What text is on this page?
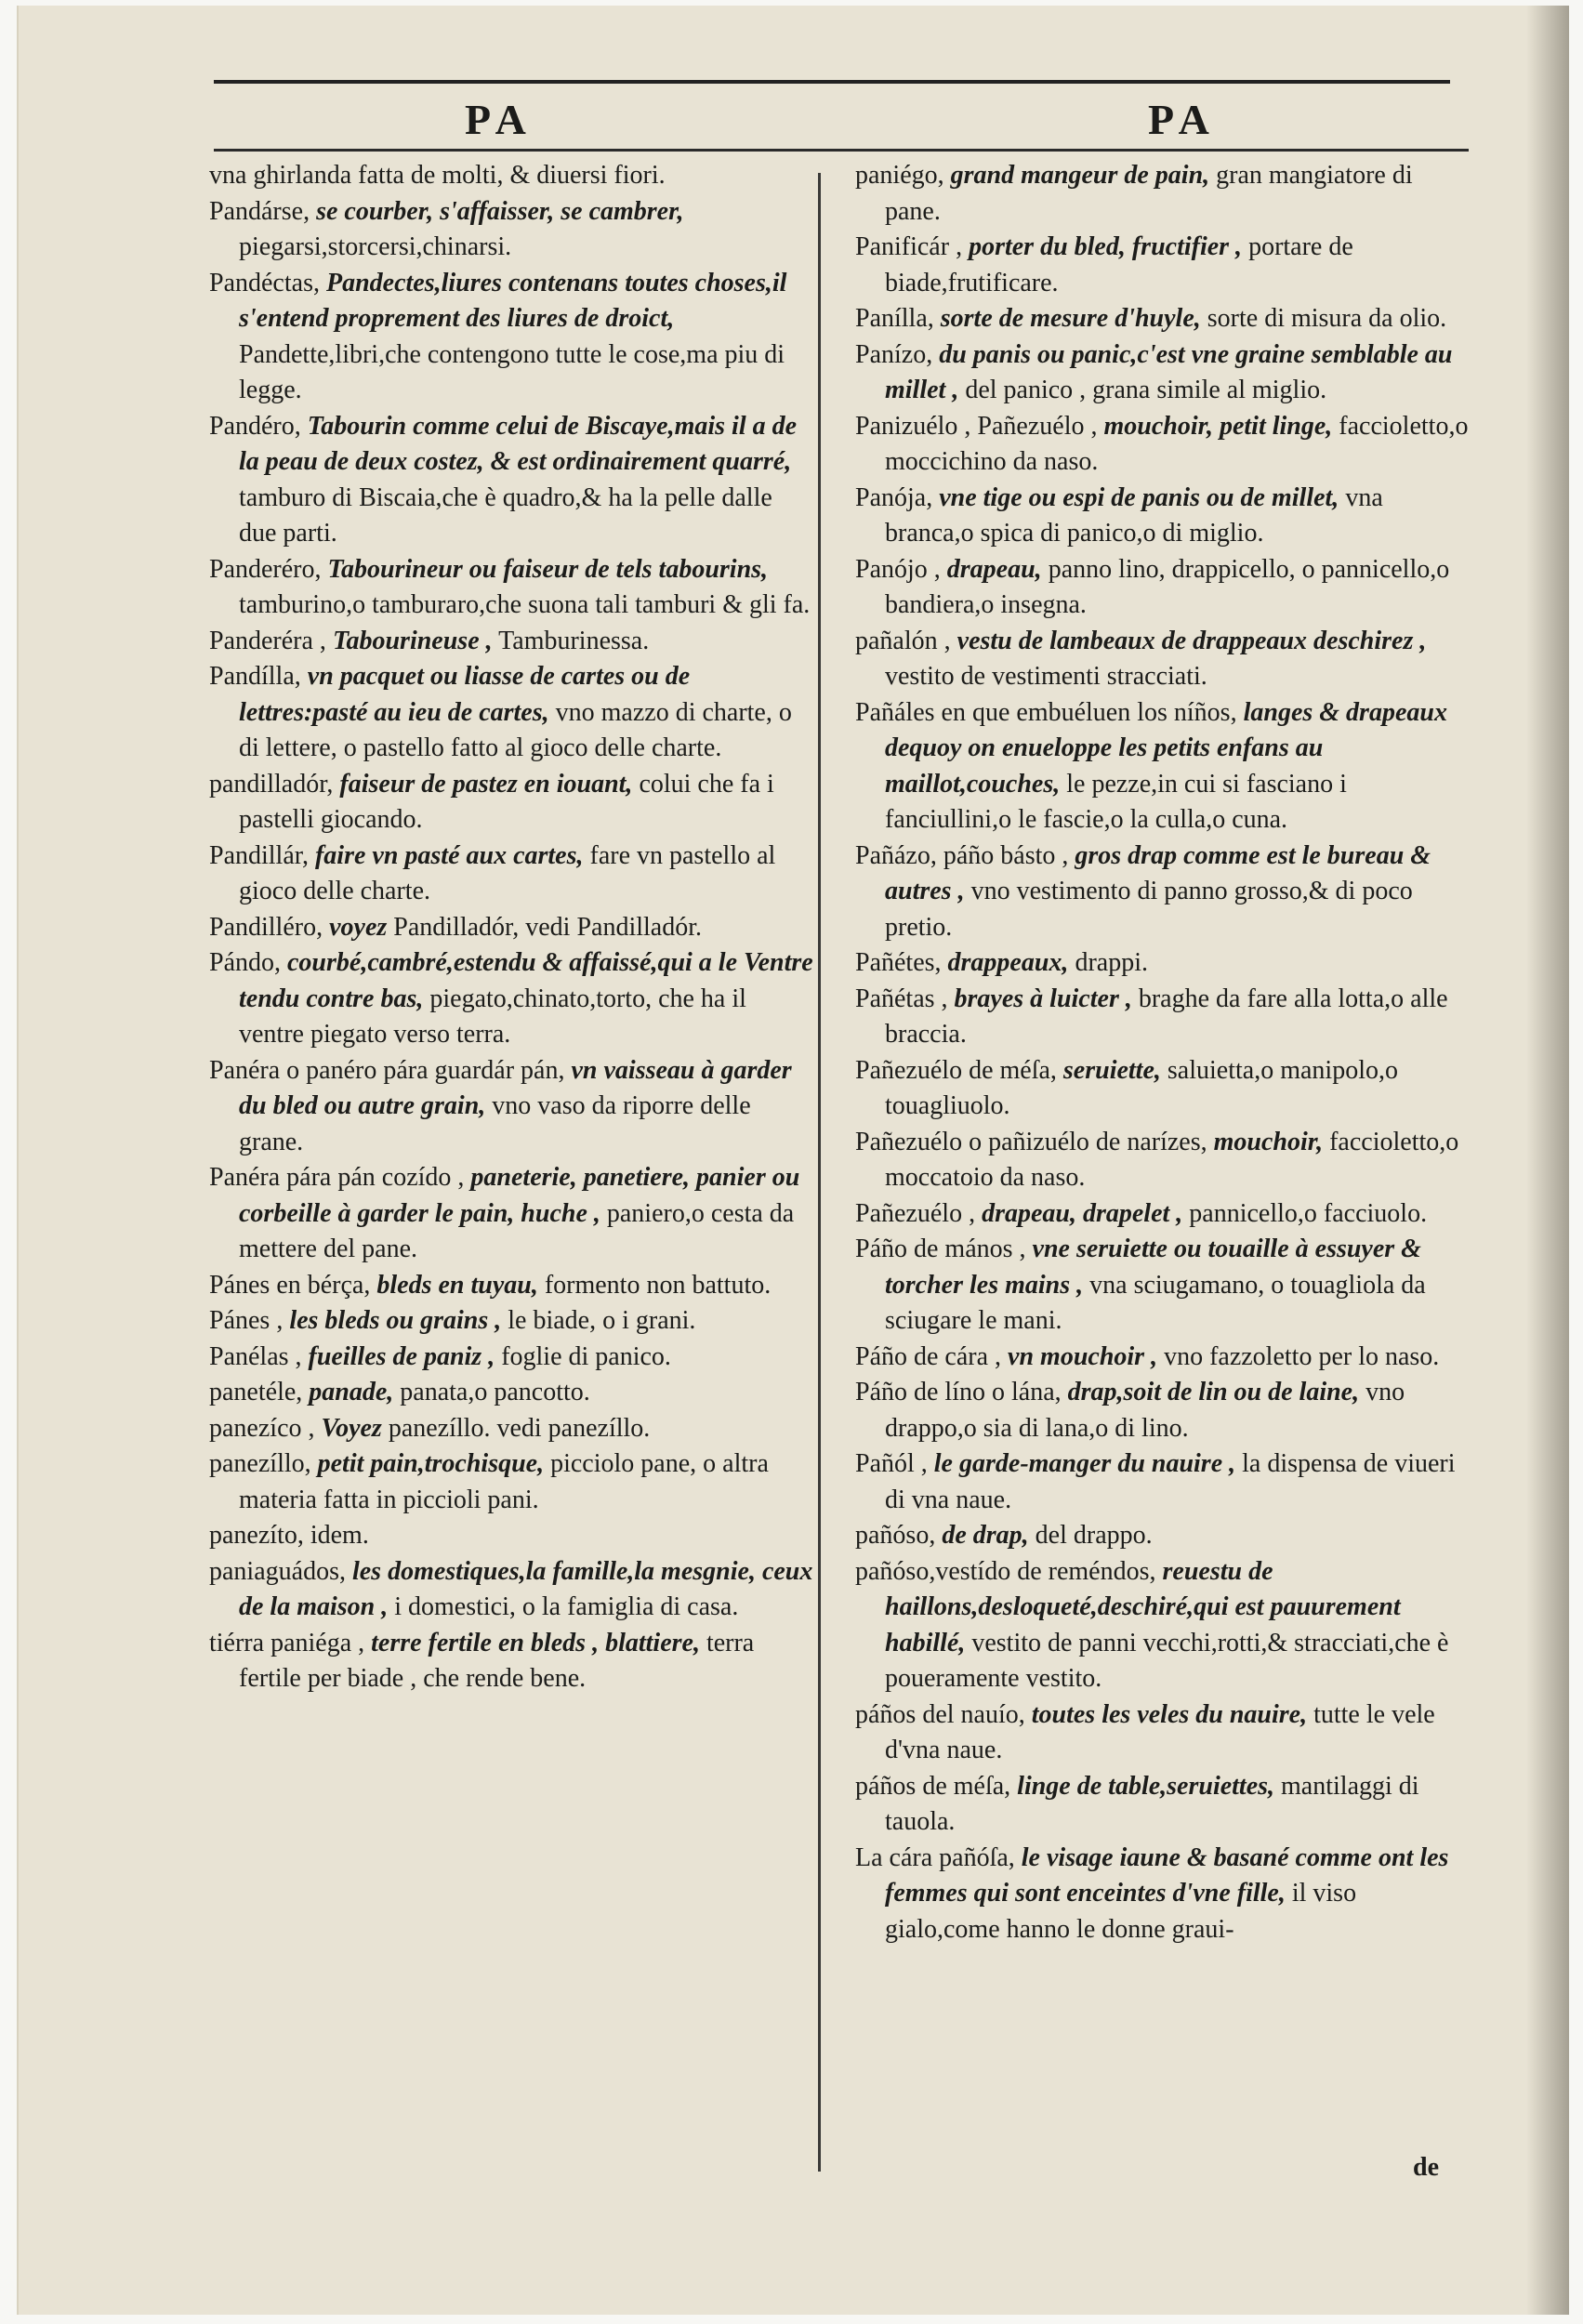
PA	PA

vna ghirlanda fatta de molti, & diuersi fiori.

Pandárse, se courber, s'affaisser, se cambrer, piegarsi,storcersi,chinarsi.

Pandéctas, Pandectes,liures contenans toutes choses,il s'entend proprement des liures de droict, Pandette,libri,che contengono tutte le cose,ma piu di legge.

Pandéro, Tabourin comme celui de Biscaye,mais il a de la peau de deux costez, & est ordinairement quarré, tamburo di Biscaia,che è quadro,& ha la pelle dalle due parti.

Panderéro, Tabourineur ou faiseur de tels tabourins, tamburino,o tamburaro,che suona tali tamburi & gli fa.

Panderéra , Tabourineuse , Tamburinessa.

Pandílla, vn pacquet ou liasse de cartes ou de lettres:pasté au ieu de cartes, vno mazzo di charte, o di lettere, o pastello fatto al gioco delle charte.

pandilladór, faiseur de pastez en iouant, colui che fa i pastelli giocando.

Pandillár, faire vn pasté aux cartes, fare vn pastello al gioco delle charte.

Pandilléro, voyez Pandilladór, vedi Pandilladór.

Pándo, courbé,cambré,estendu & affaissé,qui a le Ventre tendu contre bas, piegato,chinato,torto, che ha il ventre piegato verso terra.

Panéra o panéro pára guardár pán, vn vaisseau à garder du bled ou autre grain, vno vaso da riporre delle grane.

Panéra pára pán cozído , paneterie, panetiere, panier ou corbeille à garder le pain, huche , paniero,o cesta da mettere del pane.

Pánes en bérça, bleds en tuyau, formento non battuto.

Pánes , les bleds ou grains , le biade, o i grani.

Panélas , fueilles de paniz , foglie di panico.

panetéle, panade, panata,o pancotto.

panezíco , Voyez panezíllo. vedi panezíllo.

panezíllo, petit pain,trochisque, picciolo pane, o altra materia fatta in piccioli pani.

panezíto, idem.

paniaguádos, les domestiques,la famille,la mesgnie, ceux de la maison , i domestici, o la famiglia di casa.

tiérra paniéga , terre fertile en bleds , blattiere, terra fertile per biade , che rende bene.

paniégo, grand mangeur de pain, gran mangiatore di pane.

Panificár , porter du bled, fructifier , portare de biade,frutificare.

Panílla, sorte de mesure d'huyle, sorte di misura da olio.

Panízo, du panis ou panic,c'est vne graine semblable au millet , del panico , grana simile al miglio.

Panizuélo , Pañezuélo , mouchoir, petit linge, faccioletto,o moccichino da naso.

Panója, vne tige ou espi de panis ou de millet, vna branca,o spica di panico,o di miglio.

Panójo , drapeau, panno lino, drappicello, o pannicello,o bandiera,o insegna.

pañalón , vestu de lambeaux de drappeaux deschirez , vestito de vestimenti stracciati.

Pañáles en que embuéluen los níños, langes & drapeaux dequoy on enueloppe les petits enfans au maillot,couches, le pezze,in cui si fasciano i fanciullini,o le fascie,o la culla,o cuna.

Pañázo, páño básto , gros drap comme est le bureau & autres , vno vestimento di panno grosso,& di poco pretio.

Pañétes, drappeaux, drappi.

Pañétas , brayes à luicter , braghe da fare alla lotta,o alle braccia.

Pañezuélo de méſa, seruiette, saluietta,o manipolo,o touagliuolo.

Pañezuélo o pañizuélo de narízes, mouchoir, faccioletto,o moccatoio da naso.

Pañezuélo , drapeau, drapelet , pannicello,o facciuolo.

Páño de mános , vne seruiette ou touaille à essuyer & torcher les mains , vna sciugamano, o touagliola da sciugare le mani.

Páño de cára , vn mouchoir , vno fazzoletto per lo naso.

Páño de líno o lána, drap,soit de lin ou de laine, vno drappo,o sia di lana,o di lino.

Pañól , le garde-manger du nauire , la dispensa de viueri di vna naue.

pañóso, de drap, del drappo.

pañóso,vestído de reméndos, reuestu de haillons,desloqueté,deschiré,qui est pauurement habillé, vestito de panni vecchi,rotti,& stracciati,che è poueramente vestito.

páños del nauío, toutes les veles du nauire, tutte le vele d'vna naue.

páños de méſa, linge de table,seruiettes, mantilaggi di tauola.

La cára pañóſa, le visage iaune & basané comme ont les femmes qui sont enceintes d'vne fille, il viso gialo,come hanno le donne graui-

de
